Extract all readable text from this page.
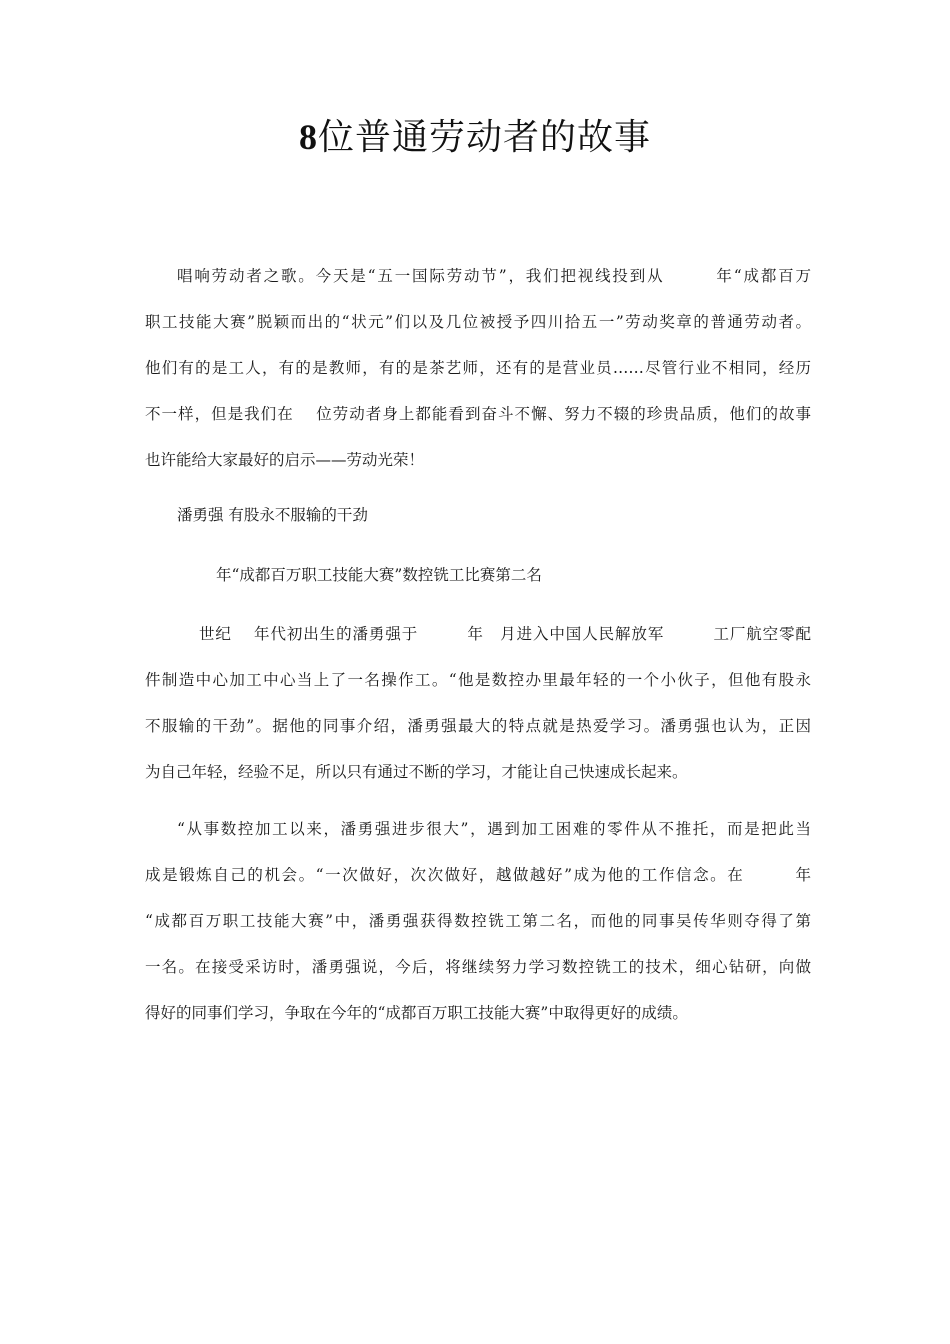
8位普通劳动者的故事
唱响劳动者之歌。今天是“五一国际劳动节”，我们把视线投到从　　　年“成都百万
职工技能大赛”脱颖而出的“状元”们以及几位被授予四川拾五一”劳动奖章的普通劳动者。
他们有的是工人，有的是教师，有的是茶艺师，还有的是营业员……尽管行业不相同，经历
不一样，但是我们在　 位劳动者身上都能看到奋斗不懈、努力不辍的珍贵品质，他们的故事
也许能给大家最好的启示——劳动光荣！
潘勇强 有股永不服输的干劲
年“成都百万职工技能大赛”数控铣工比赛第二名
世纪　 年代初出生的潘勇强于　　　年　月进入中国人民解放军　　　工厂航空零配
件制造中心加工中心当上了一名操作工。“他是数控办里最年轻的一个小伙子，但他有股永
不服输的干劲”。据他的同事介绍，潘勇强最大的特点就是热爱学习。潘勇强也认为，正因
为自己年轻，经验不足，所以只有通过不断的学习，才能让自己快速成长起来。
“从事数控加工以来，潘勇强进步很大”，遇到加工困难的零件从不推托，而是把此当
成是锻炼自己的机会。“一次做好，次次做好，越做越好”成为他的工作信念。在　　　年
“成都百万职工技能大赛”中，潘勇强获得数控铣工第二名，而他的同事吴传华则夺得了第
一名。在接受采访时，潘勇强说，今后，将继续努力学习数控铣工的技术，细心钻研，向做
得好的同事们学习，争取在今年的“成都百万职工技能大赛”中取得更好的成绩。
